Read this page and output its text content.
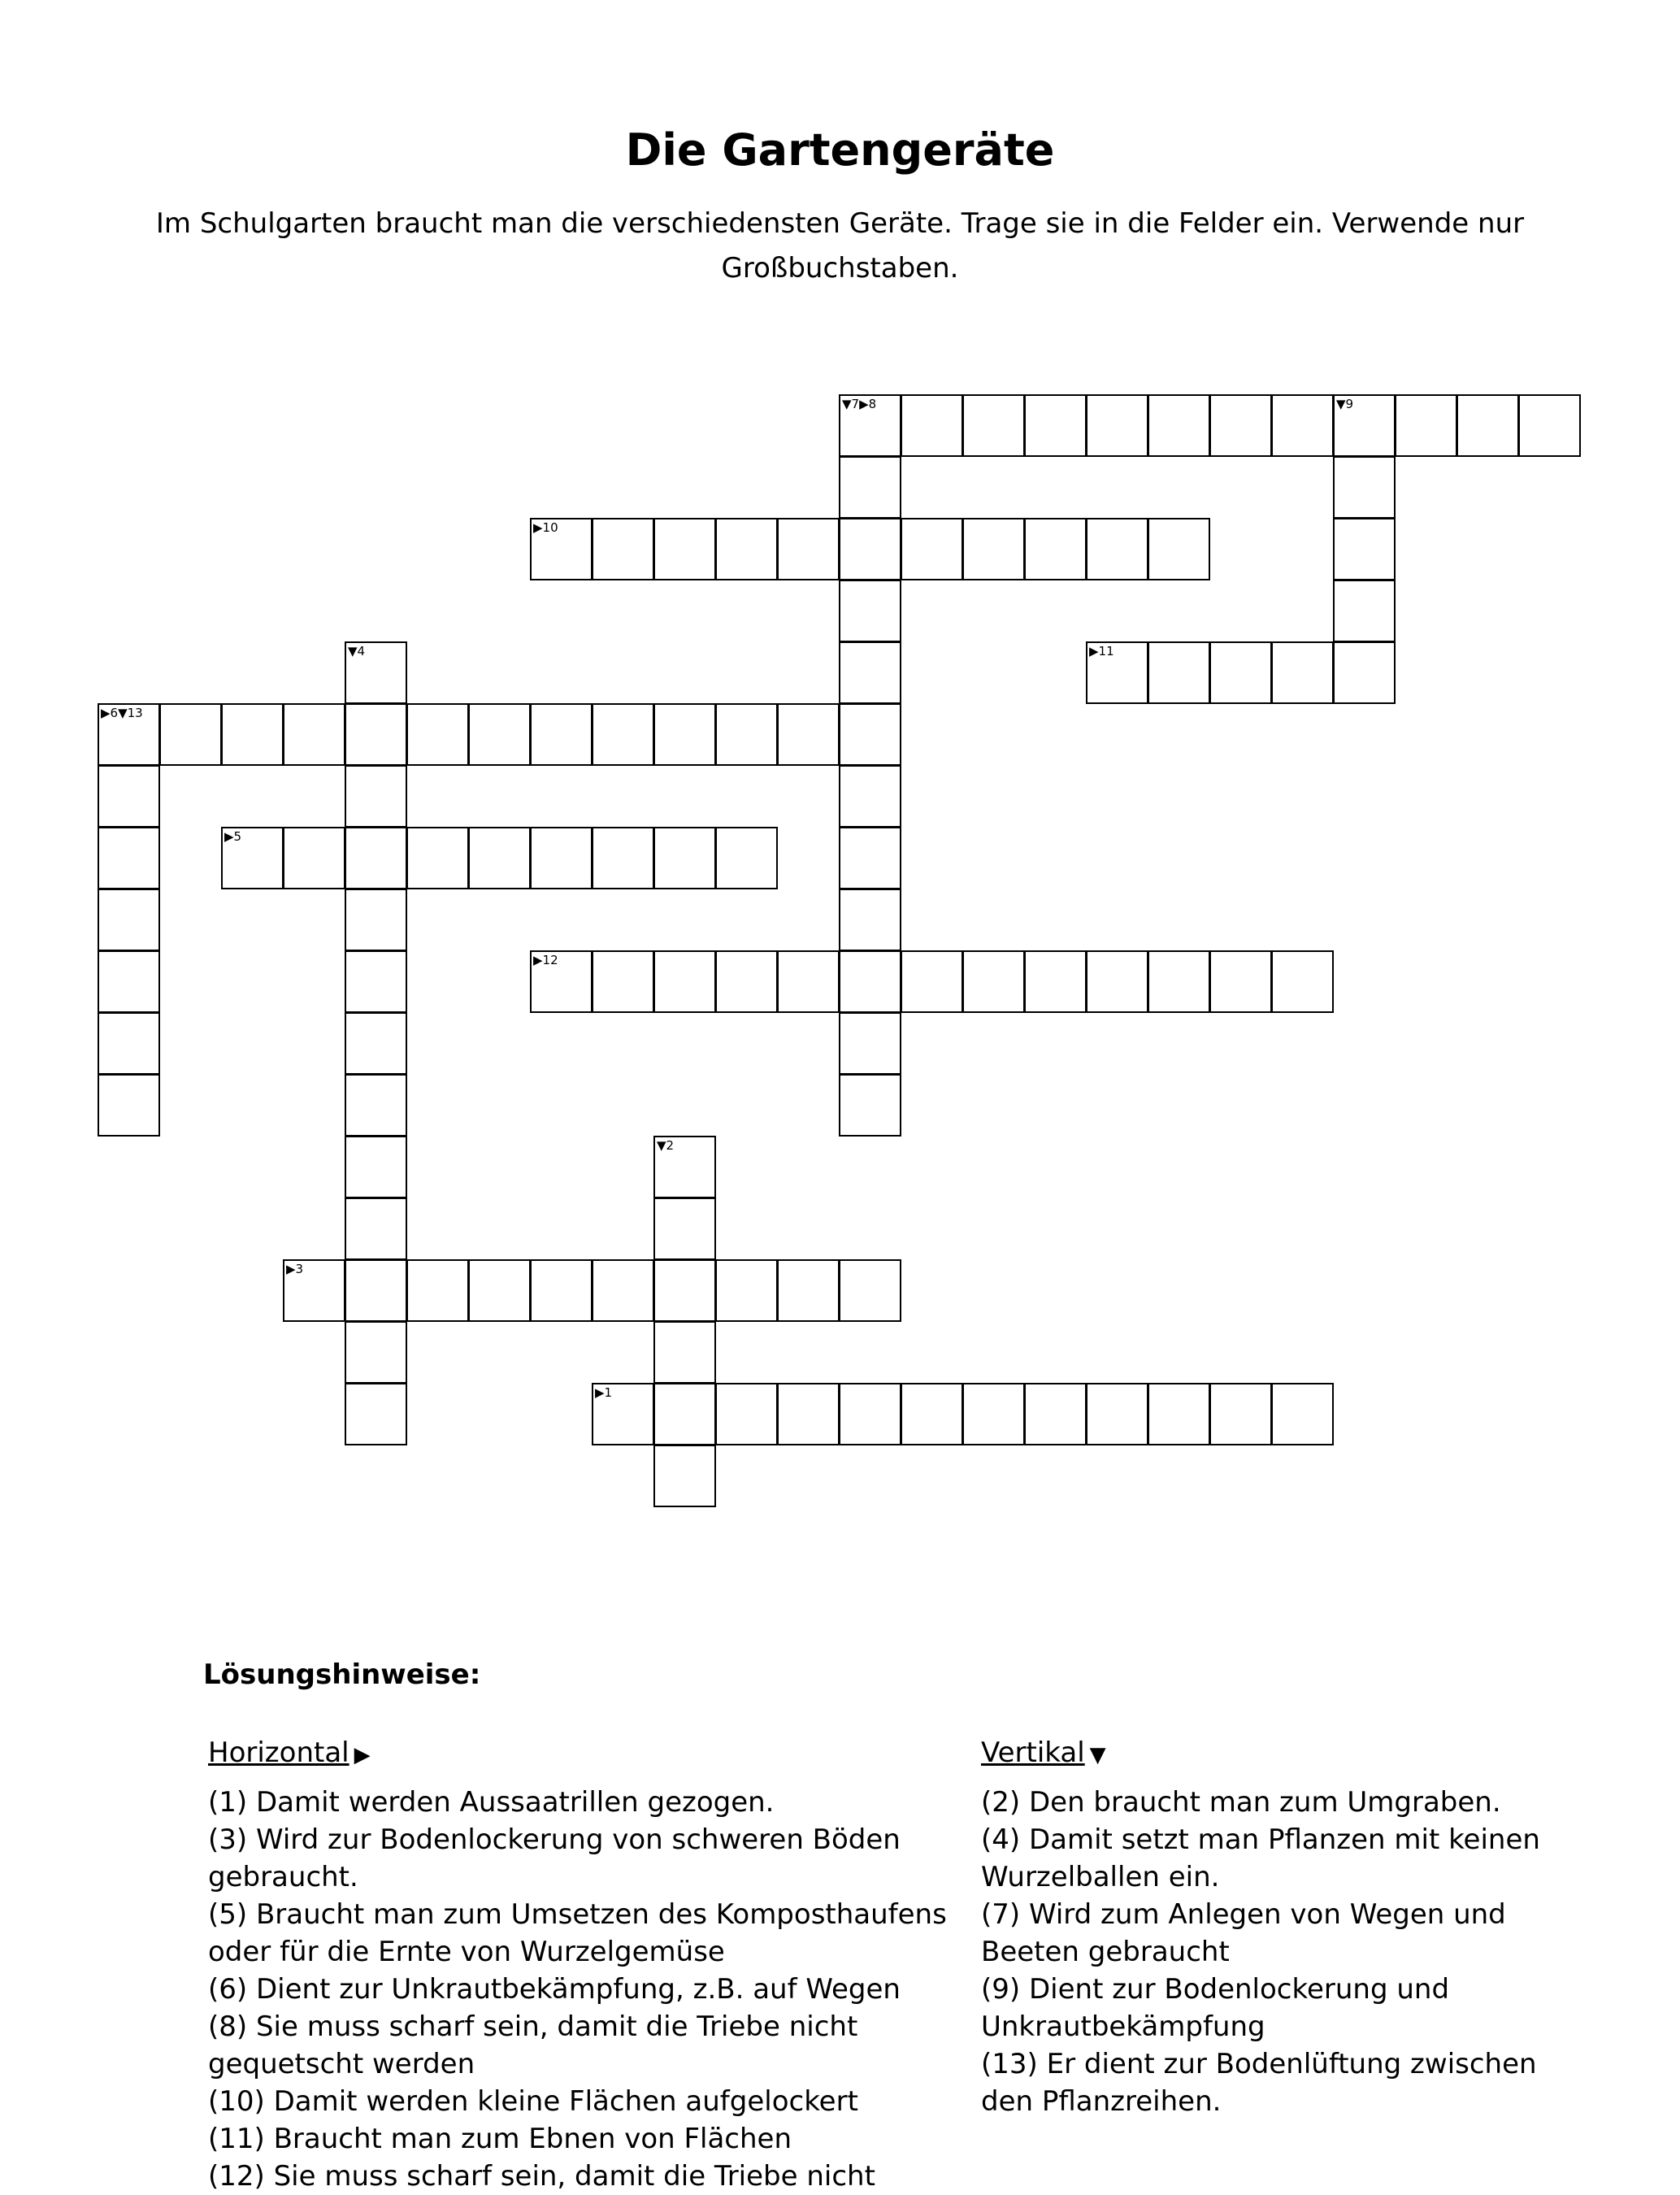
Die Gartengeräte
Im Schulgarten braucht man die verschiedensten Geräte. Trage sie in die Felder ein. Verwende nur Großbuchstaben.
▼7▶8	▼9
▶10
▼4	▶11
▶6▼13
▶5
▶12
▼2
▶3
▶1
Lösungshinweise:
Horizontal ▶
(1) Damit werden Aussaatrillen gezogen.
(3) Wird zur Bodenlockerung von schweren Böden gebraucht.
(5) Braucht man zum Umsetzen des Komposthaufens oder für die Ernte von Wurzelgemüse
(6) Dient zur Unkrautbekämpfung, z.B. auf Wegen
(8) Sie muss scharf sein, damit die Triebe nicht gequetscht werden
(10) Damit werden kleine Flächen aufgelockert
(11) Braucht man zum Ebnen von Flächen
(12) Sie muss scharf sein, damit die Triebe nicht
Vertikal ▼
(2) Den braucht man zum Umgraben.
(4) Damit setzt man Pflanzen mit keinen Wurzelballen ein.
(7) Wird zum Anlegen von Wegen und Beeten gebraucht
(9) Dient zur Bodenlockerung und Unkrautbekämpfung
(13) Er dient zur Bodenlüftung zwischen den Pflanzreihen.
